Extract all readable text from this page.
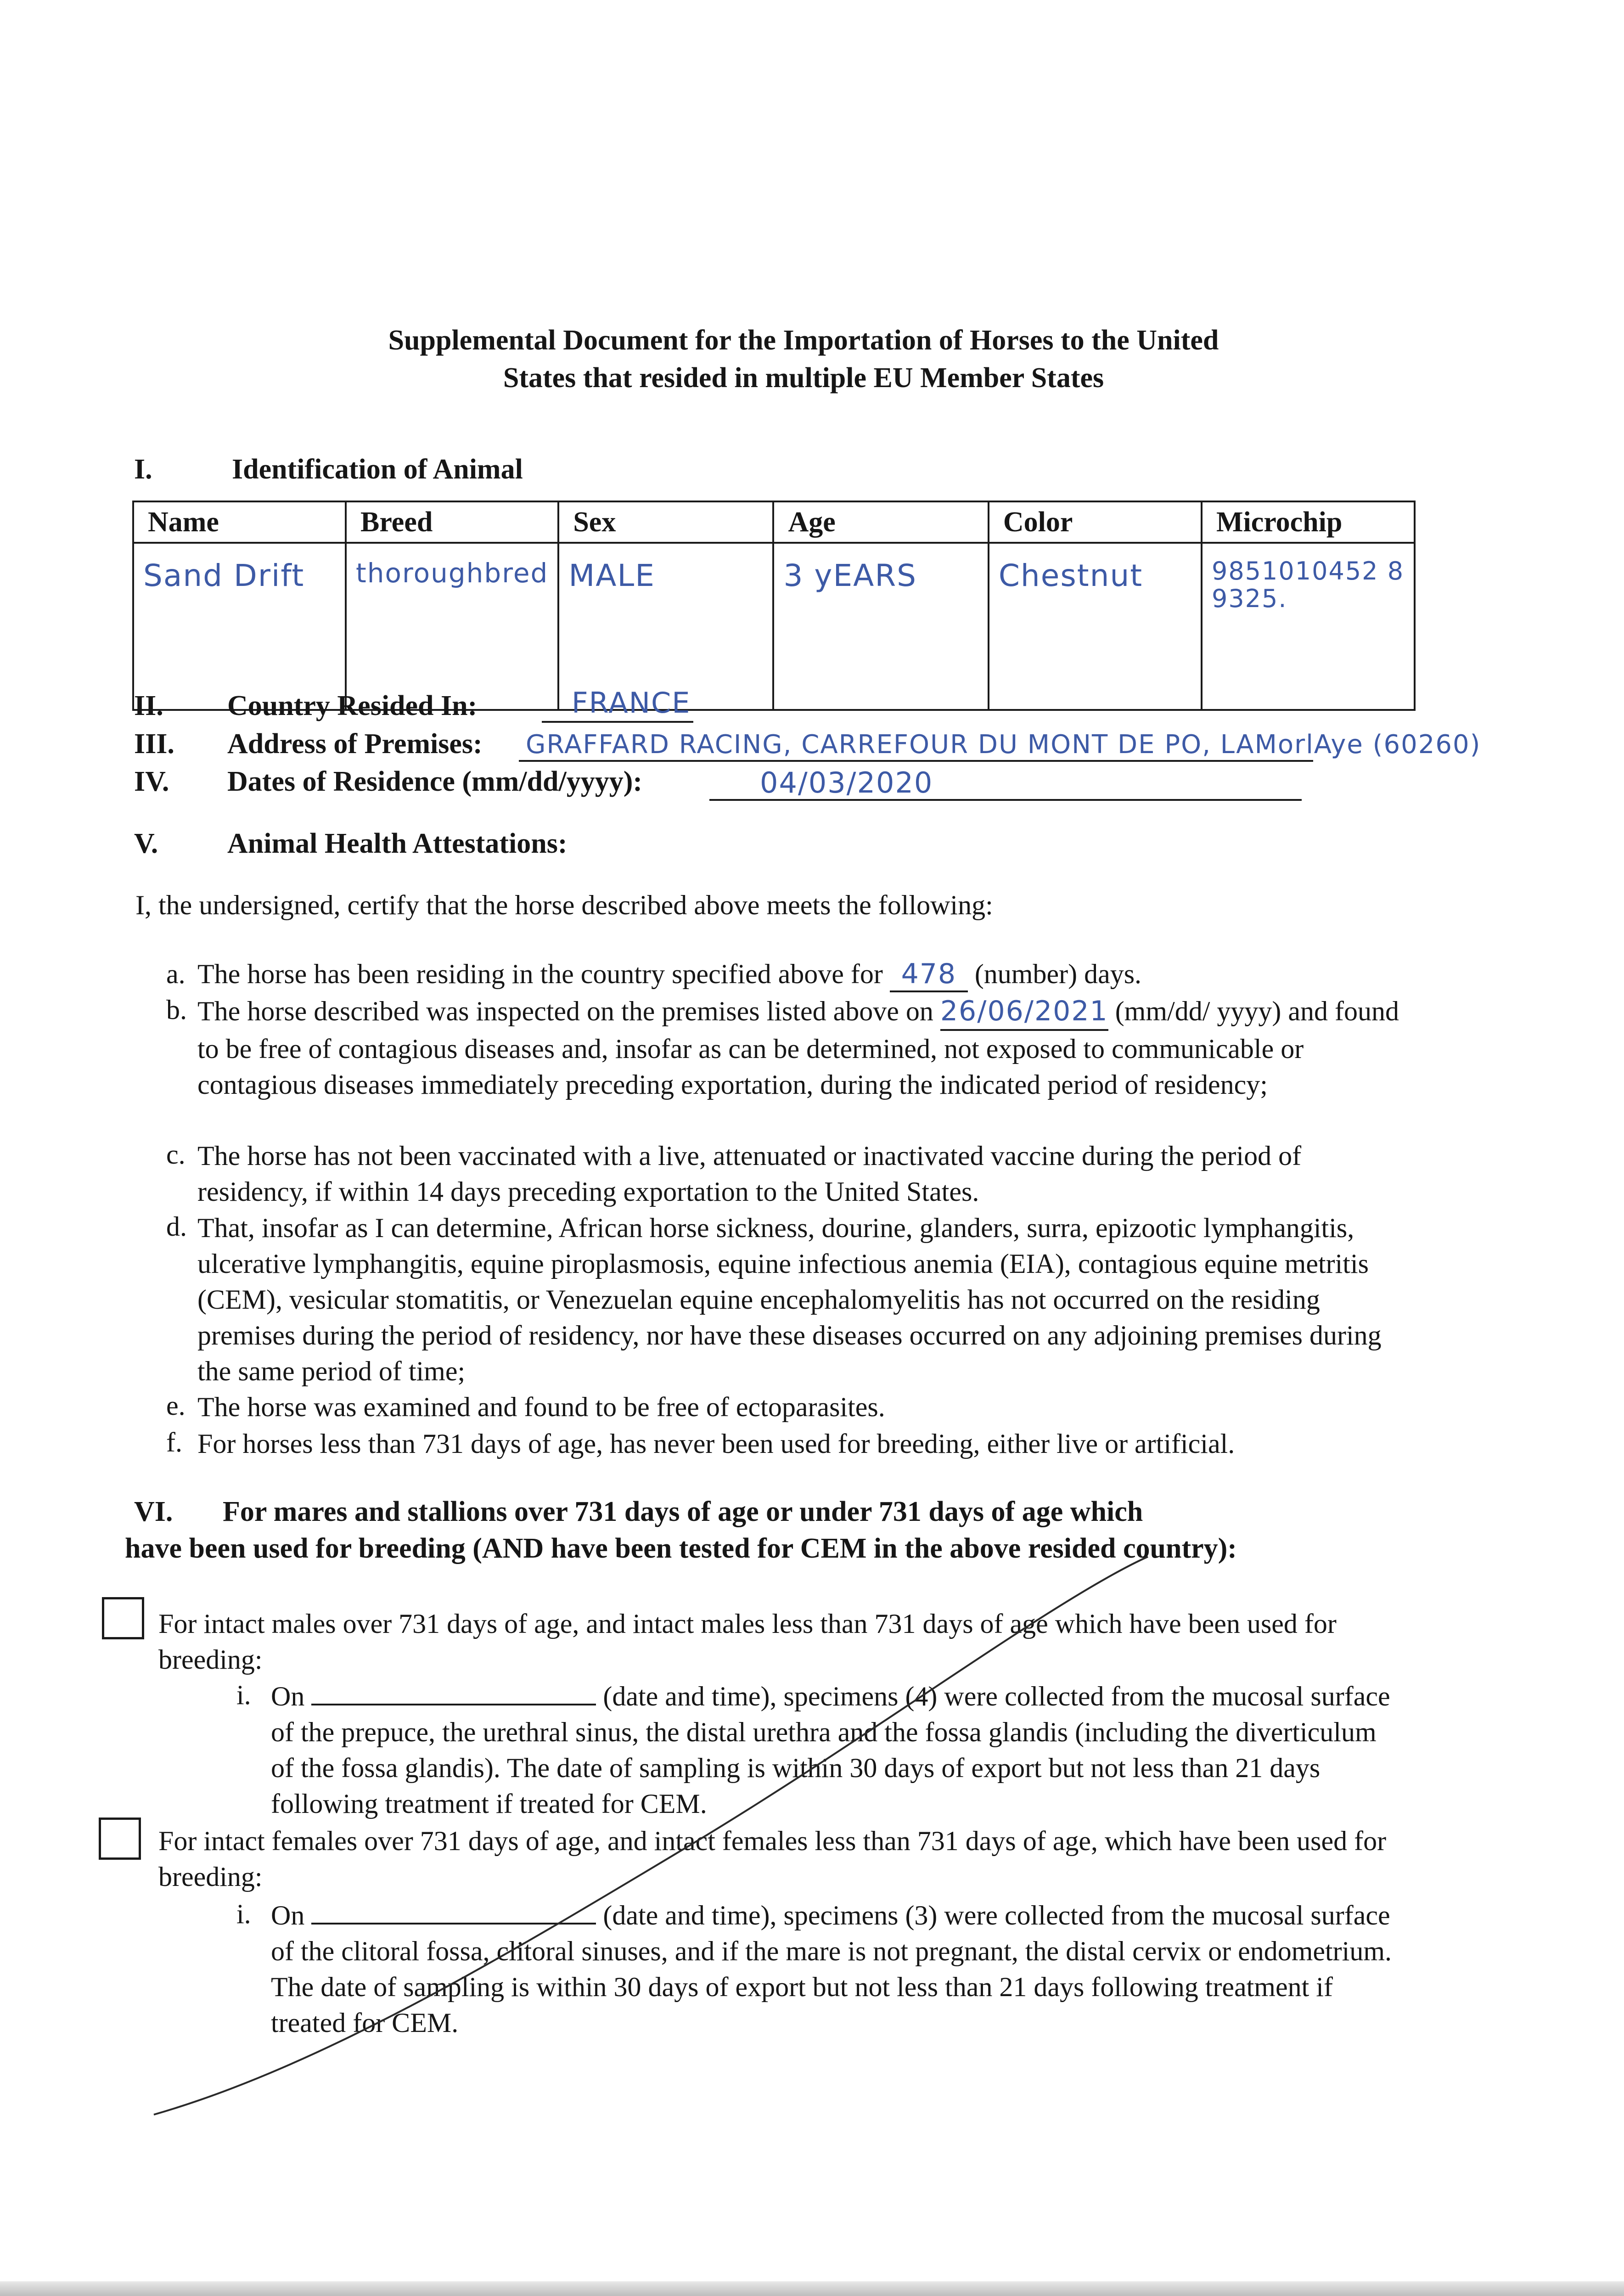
Supplemental Document for the Importation of Horses to the United
States that resided in multiple EU Member States
I.	Identification of Animal
Name	Breed	Sex	Age	Color	Microchip
Sand Drift	thoroughbred	MALE	3 yEARS	Chestnut	9851010452 89325.
II. Country Resided In:	FRANCE
III. Address of Premises: GRAFFARD RACING, CARREFOUR DU MONT DE PO, LAMorlAye (60260)
IV. Dates of Residence (mm/dd/yyyy):	04/03/2020
V. Animal Health Attestations:
I, the undersigned, certify that the horse described above meets the following:
a. The horse has been residing in the country specified above for 478 (number) days.
b. The horse described was inspected on the premises listed above on 26/06/2021 (mm/dd/ yyyy) and found to be free of contagious diseases and, insofar as can be determined, not exposed to communicable or contagious diseases immediately preceding exportation, during the indicated period of residency;
c. The horse has not been vaccinated with a live, attenuated or inactivated vaccine during the period of residency, if within 14 days preceding exportation to the United States.
d. That, insofar as I can determine, African horse sickness, dourine, glanders, surra, epizootic lymphangitis, ulcerative lymphangitis, equine piroplasmosis, equine infectious anemia (EIA), contagious equine metritis (CEM), vesicular stomatitis, or Venezuelan equine encephalomyelitis has not occurred on the residing premises during the period of residency, nor have these diseases occurred on any adjoining premises during the same period of time;
e. The horse was examined and found to be free of ectoparasites.
f. For horses less than 731 days of age, has never been used for breeding, either live or artificial.
VI. For mares and stallions over 731 days of age or under 731 days of age which
have been used for breeding (AND have been tested for CEM in the above resided country):
For intact males over 731 days of age, and intact males less than 731 days of age which have been used for breeding:
i. On	(date and time), specimens (4) were collected from the mucosal surface of the prepuce, the urethral sinus, the distal urethra and the fossa glandis (including the diverticulum of the fossa glandis). The date of sampling is within 30 days of export but not less than 21 days following treatment if treated for CEM.
For intact females over 731 days of age, and intact females less than 731 days of age, which have been used for breeding:
i. On	(date and time), specimens (3) were collected from the mucosal surface of the clitoral fossa, clitoral sinuses, and if the mare is not pregnant, the distal cervix or endometrium. The date of sampling is within 30 days of export but not less than 21 days following treatment if treated for CEM.
